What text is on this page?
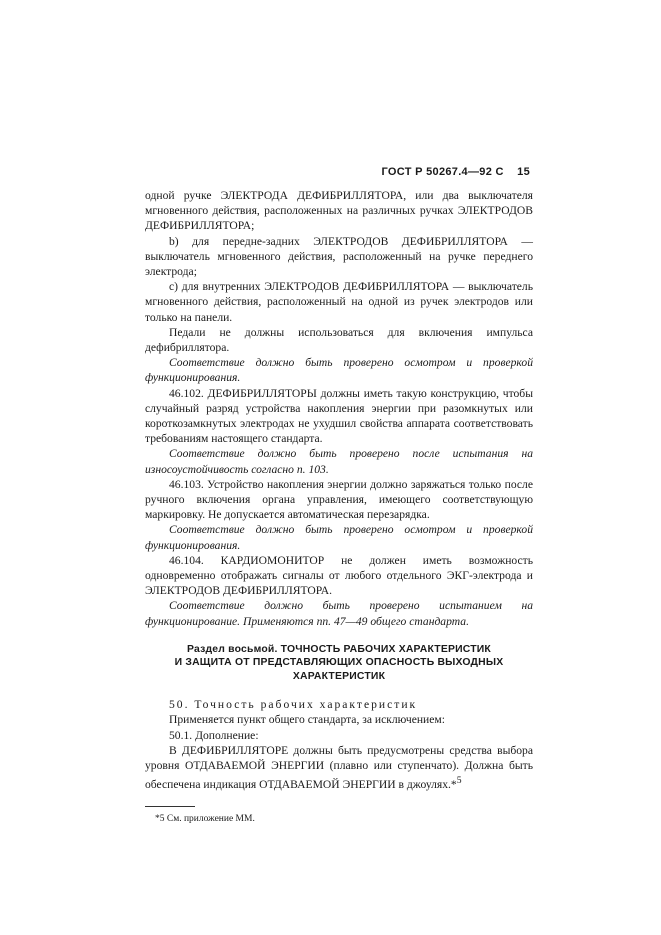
ГОСТ Р 50267.4—92 С 15

одной ручке ЭЛЕКТРОДА ДЕФИБРИЛЛЯТОРА, или два выключателя мгновенного действия, расположенных на различных ручках ЭЛЕКТРОДОВ ДЕФИБРИЛЛЯТОРА;

b) для передне-задних ЭЛЕКТРОДОВ ДЕФИБРИЛЛЯТОРА — выключатель мгновенного действия, расположенный на ручке переднего электрода;

c) для внутренних ЭЛЕКТРОДОВ ДЕФИБРИЛЛЯТОРА — выключатель мгновенного действия, расположенный на одной из ручек электродов или только на панели.

Педали не должны использоваться для включения импульса дефибриллятора.

Соответствие должно быть проверено осмотром и проверкой функционирования.

46.102. ДЕФИБРИЛЛЯТОРЫ должны иметь такую конструкцию, чтобы случайный разряд устройства накопления энергии при разомкнутых или короткозамкнутых электродах не ухудшил свойства аппарата соответствовать требованиям настоящего стандарта.

Соответствие должно быть проверено после испытания на износоустойчивость согласно п. 103.

46.103. Устройство накопления энергии должно заряжаться только после ручного включения органа управления, имеющего соответствующую маркировку. Не допускается автоматическая перезарядка.

Соответствие должно быть проверено осмотром и проверкой функционирования.

46.104. КАРДИОМОНИТОР не должен иметь возможность одновременно отображать сигналы от любого отдельного ЭКГ-электрода и ЭЛЕКТРОДОВ ДЕФИБРИЛЛЯТОРА.

Соответствие должно быть проверено испытанием на функционирование. Применяются пп. 47—49 общего стандарта.

Раздел восьмой. ТОЧНОСТЬ РАБОЧИХ ХАРАКТЕРИСТИК
И ЗАЩИТА ОТ ПРЕДСТАВЛЯЮЩИХ ОПАСНОСТЬ ВЫХОДНЫХ
ХАРАКТЕРИСТИК

50. Точность рабочих характеристик

Применяется пункт общего стандарта, за исключением:

50.1. Дополнение:

В ДЕФИБРИЛЛЯТОРЕ должны быть предусмотрены средства выбора уровня ОТДАВАЕМОЙ ЭНЕРГИИ (плавно или ступенчато). Должна быть обеспечена индикация ОТДАВАЕМОЙ ЭНЕРГИИ в джоулях.*$^5$

*5 См. приложение ММ.
